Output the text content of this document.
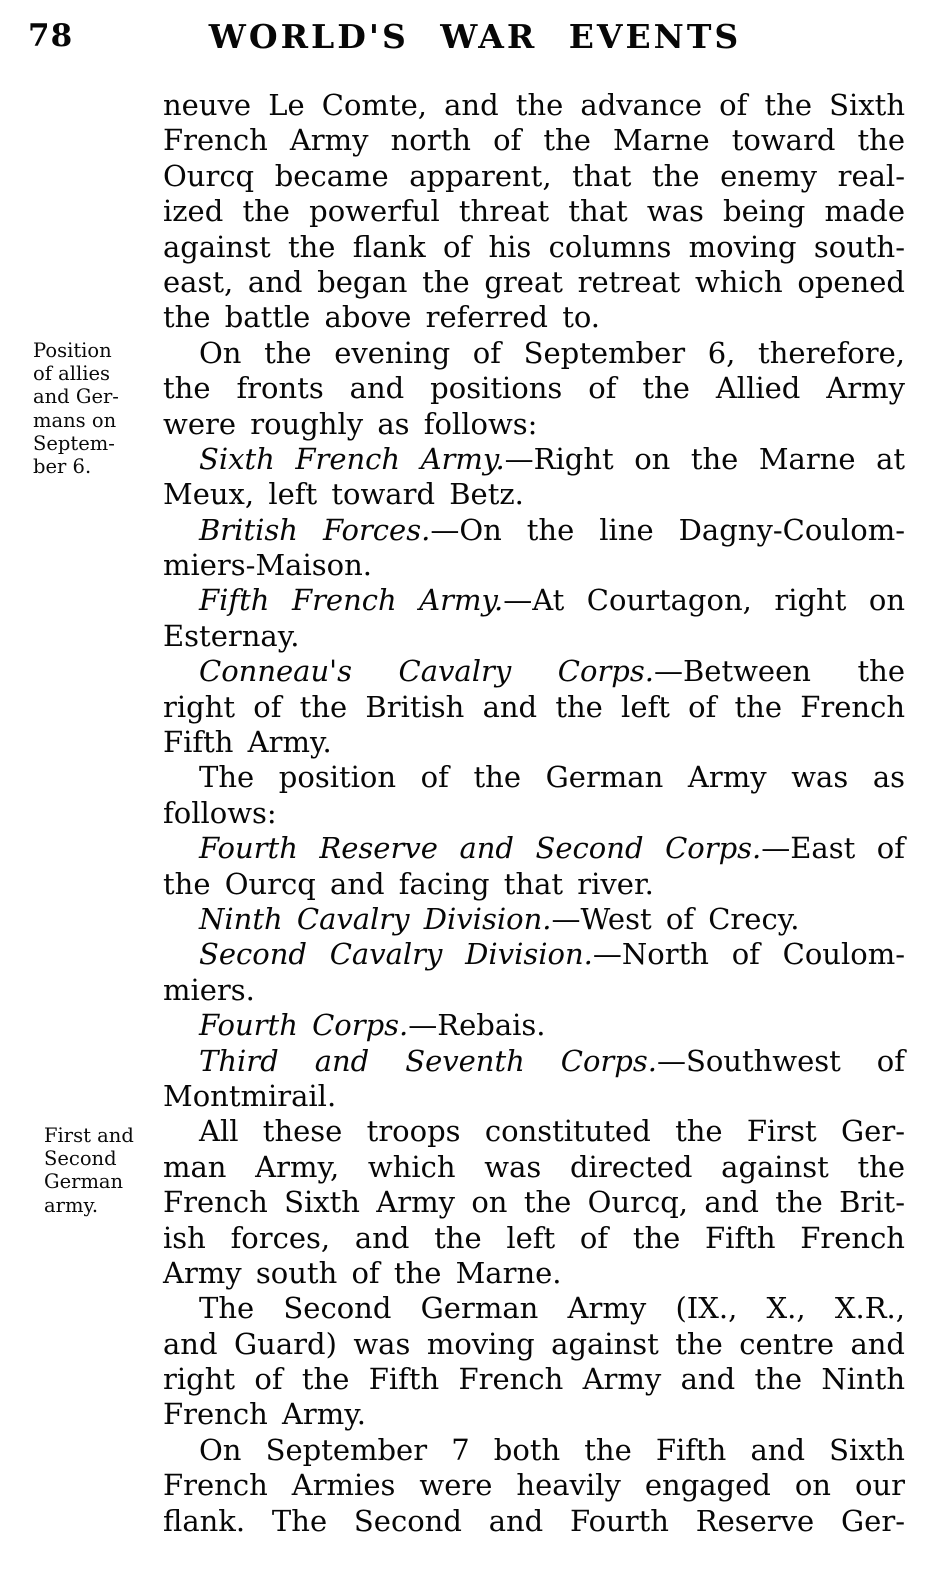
78	WORLD'S WAR EVENTS
Position
of allies
and Ger-
mans on
Septem-
ber 6.
First and
Second
German
army.
neuve Le Comte, and the advance of the Sixth
French Army north of the Marne toward the
Ourcq became apparent, that the enemy real-
ized the powerful threat that was being made
against the flank of his columns moving south-
east, and began the great retreat which opened
the battle above referred to.
On the evening of September 6, therefore,
the fronts and positions of the Allied Army
were roughly as follows:
Sixth French Army.—Right on the Marne at
Meux, left toward Betz.
British Forces.—On the line Dagny-Coulom-
miers-Maison.
Fifth French Army.—At Courtagon, right on
Esternay.
Conneau's Cavalry Corps.—Between the
right of the British and the left of the French
Fifth Army.
The position of the German Army was as
follows:
Fourth Reserve and Second Corps.—East of
the Ourcq and facing that river.
Ninth Cavalry Division.—West of Crecy.
Second Cavalry Division.—North of Coulom-
miers.
Fourth Corps.—Rebais.
Third and Seventh Corps.—Southwest of
Montmirail.
All these troops constituted the First Ger-
man Army, which was directed against the
French Sixth Army on the Ourcq, and the Brit-
ish forces, and the left of the Fifth French
Army south of the Marne.
The Second German Army (IX., X., X.R.,
and Guard) was moving against the centre and
right of the Fifth French Army and the Ninth
French Army.
On September 7 both the Fifth and Sixth
French Armies were heavily engaged on our
flank. The Second and Fourth Reserve Ger-
